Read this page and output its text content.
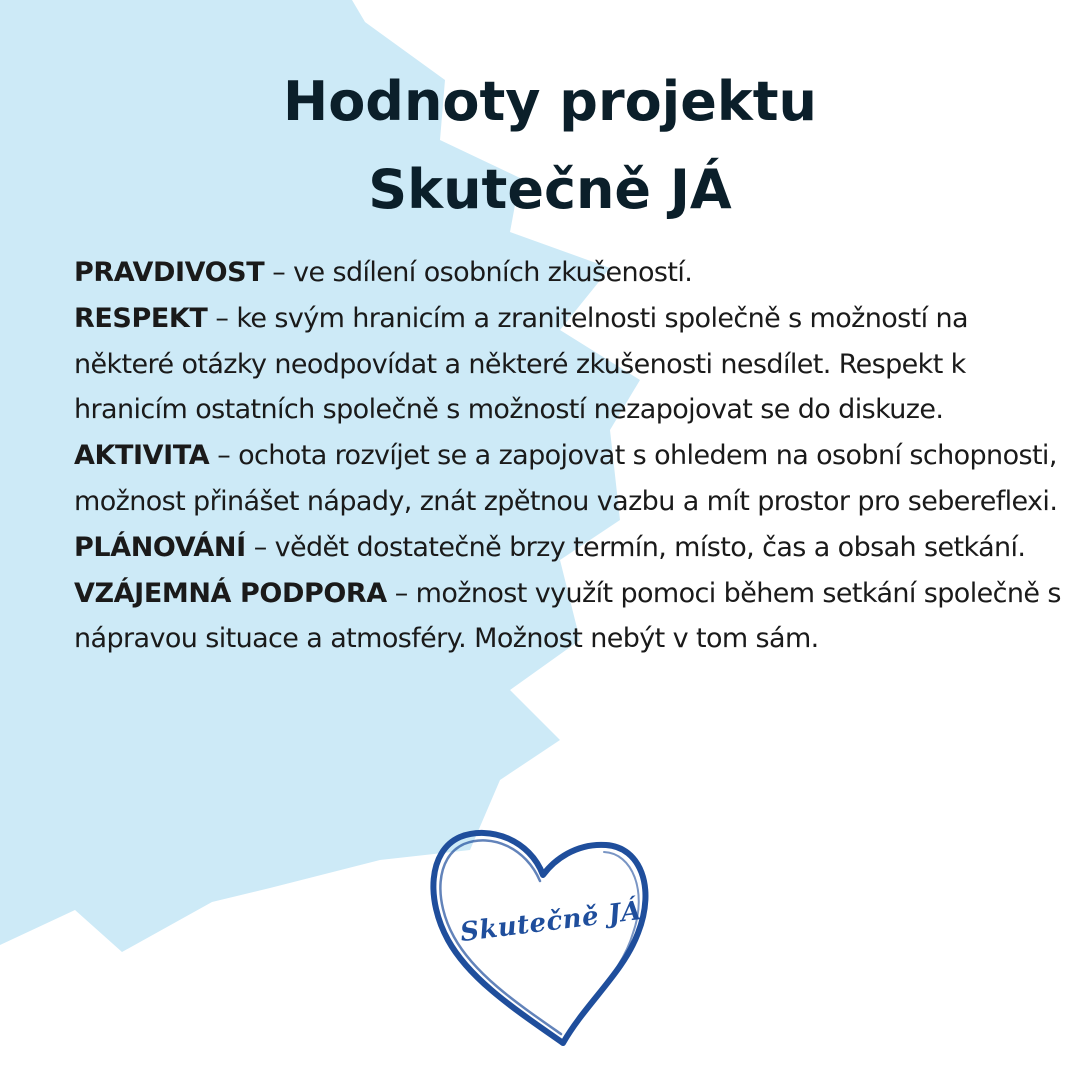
Hodnoty projektu
Skutečně JÁ

PRAVDIVOST – ve sdílení osobních zkušeností.

RESPEKT – ke svým hranicím a zranitelnosti společně s možností na některé otázky neodpovídat a některé zkušenosti nesdílet. Respekt k hranicím ostatních společně s možností nezapojovat se do diskuze.

AKTIVITA – ochota rozvíjet se a zapojovat s ohledem na osobní schopnosti, možnost přinášet nápady, znát zpětnou vazbu a mít prostor pro sebereflexi.

PLÁNOVÁNÍ – vědět dostatečně brzy termín, místo, čas a obsah setkání.

VZÁJEMNÁ PODPORA – možnost využít pomoci během setkání společně s nápravou situace a atmosféry. Možnost nebýt v tom sám.

Skutečně JÁ
